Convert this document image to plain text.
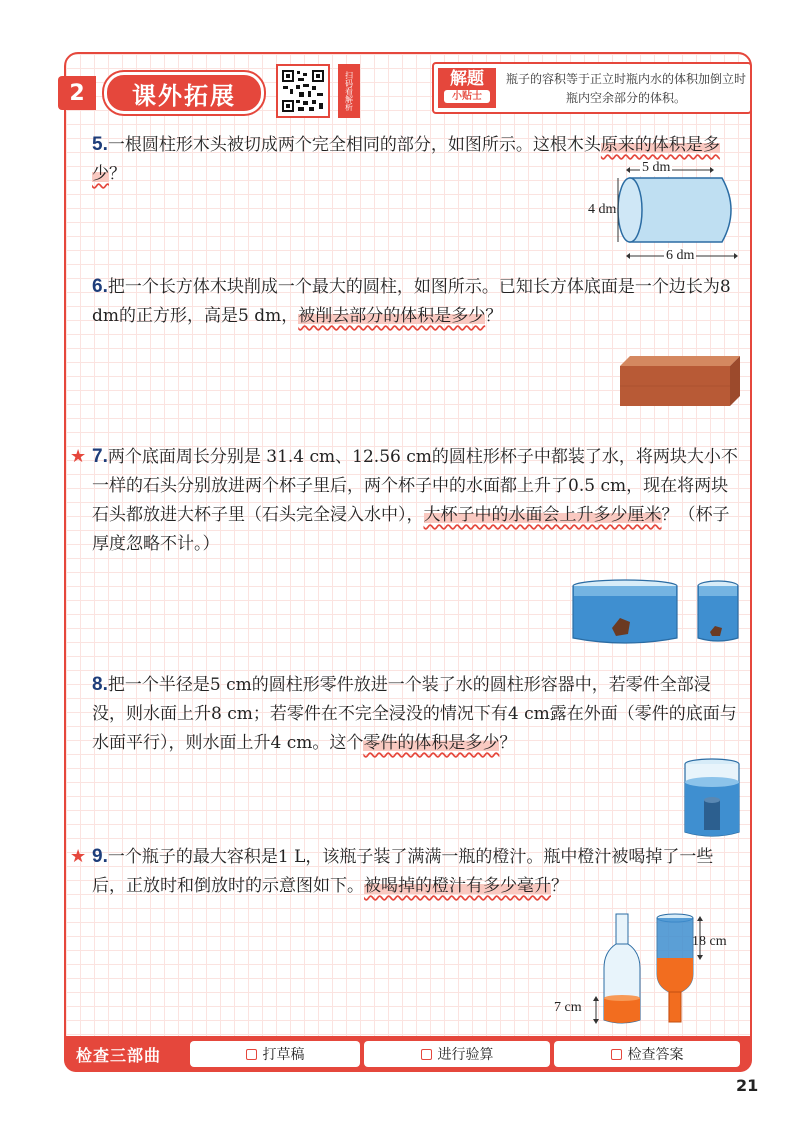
2	课外拓展	扫码看解析	解题
小贴士
瓶子的容积等于正立时瓶内水的体积加倒立时瓶内空余部分的体积。
5.一根圆柱形木头被切成两个完全相同的部分，如图所示。这根木头原来的体积是多少？	5 dm
4 dm
6 dm
6.把一个长方体木块削成一个最大的圆柱，如图所示。已知长方体底面是一个边长为8 dm的正方形，高是5 dm，被削去部分的体积是多少？
★ 7.两个底面周长分别是 31.4 cm、12.56 cm的圆柱形杯子中都装了水，将两块大小不一样的石头分别放进两个杯子里后，两个杯子中的水面都上升了0.5 cm，现在将两块石头都放进大杯子里（石头完全浸入水中），大杯子中的水面会上升多少厘米？（杯子厚度忽略不计。）
8.把一个半径是5 cm的圆柱形零件放进一个装了水的圆柱形容器中，若零件全部浸没，则水面上升8 cm；若零件在不完全浸没的情况下有4 cm露在外面（零件的底面与水面平行），则水面上升4 cm。这个零件的体积是多少？
★ 9.一个瓶子的最大容积是1 L，该瓶子装了满满一瓶的橙汁。瓶中橙汁被喝掉了一些后，正放时和倒放时的示意图如下。被喝掉的橙汁有多少毫升？
7 cm
18 cm
检查三部曲	打草稿	进行验算	检查答案
21
